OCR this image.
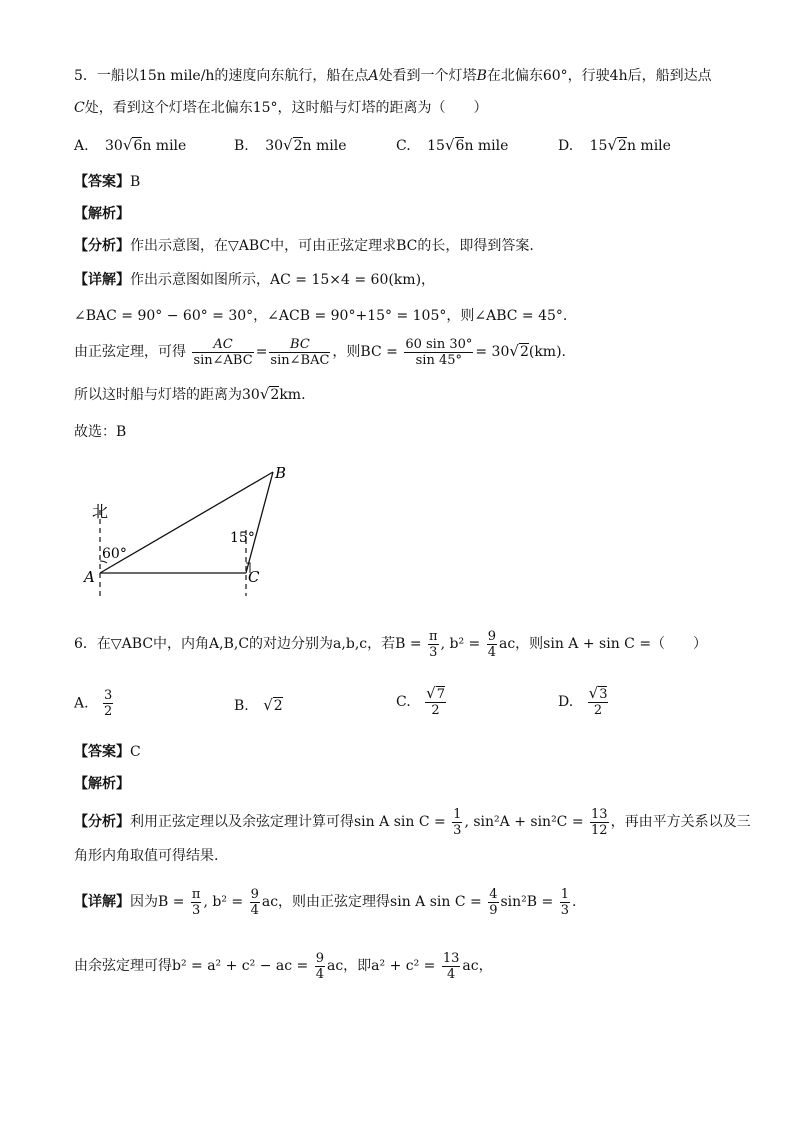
5．一船以15n mile/h的速度向东航行，船在点A处看到一个灯塔B在北偏东60°，行驶4h后，船到达点
C处，看到这个灯塔在北偏东15°，这时船与灯塔的距离为（　　）
A. 30√6n mile	B. 30√2n mile	C. 15√6n mile	D. 15√2n mile
【答案】B
【解析】
【分析】作出示意图，在▽ABC中，可由正弦定理求BC的长，即得到答案.
【详解】作出示意图如图所示，AC = 15×4 = 60(km)，
∠BAC = 90° − 60° = 30°，∠ACB = 90°+15° = 105°，则∠ABC = 45°.
由正弦定理，可得 $\frac{AC}{\text{sin∠ABC}} = \frac{BC}{\text{sin∠BAC}}$ ，则BC = $\frac{60 \sin 30^\circ}{\sin 45^\circ} = 30√2(km)$.
所以这时船与灯塔的距离为30√2km.
故选：B
北
60°
15°
A	C
B
6．在▽ABC中，内角A,B,C的对边分别为a,b,c，若$B = \frac{\pi}{3}$ , $b^2 = \frac{9}{4}$ ac，则sin A + sin C =（　　）
A. $\frac{3}{2}$	B. √2	C. $\frac{√7}{2}$	D. $\frac{√3}{2}$
【答案】C
【解析】
【分析】利用正弦定理以及余弦定理计算可得sin A $\sin C = \frac{1}{3}$ , $\sin^2A + \sin^2C = \frac{13}{12}$ ，再由平方关系以及三
角形内角取值可得结果.
【详解】因为$B = \frac{\pi}{3}$ , $b^2 = \frac{9}{4}$ ac，则由正弦定理得sin A $\sin C = \frac{4}{9} \sin^2B = \frac{1}{3}$ .
由余弦定理可得b² = a² + c² − ac = $\frac{9}{4}$ ac，即$a^2 + c^2 = \frac{13}{4}$ ac，
